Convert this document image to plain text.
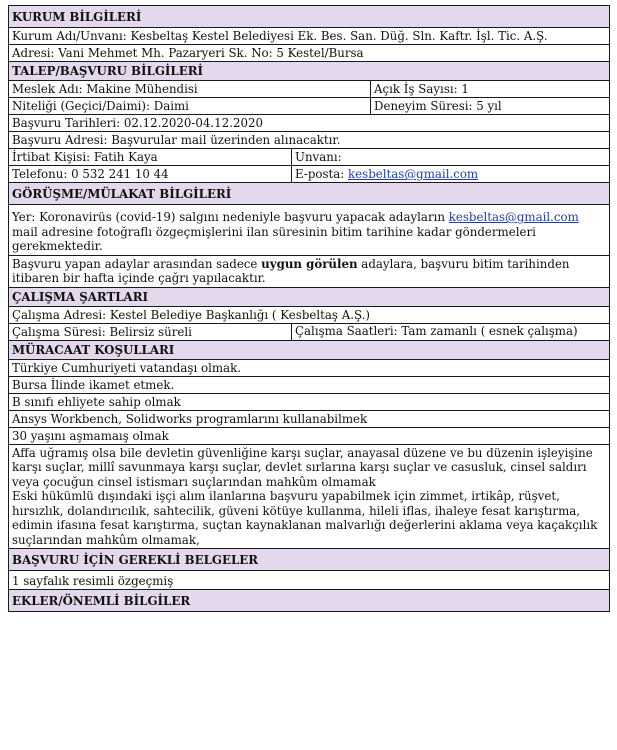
KURUM BİLGİLERİ		
Kurum Adı/Unvanı: Kesbeltaş Kestel Belediyesi Ek. Bes. San. Düğ. Sln. Kaftr. İşl. Tic. A.Ş.		
Adresi: Vani Mehmet Mh. Pazaryeri Sk. No: 5 Kestel/Bursa		
TALEP/BAŞVURU BİLGİLERİ		
Meslek Adı: Makine Mühendisi		Açık İş Sayısı: 1
Niteliği (Geçici/Daimi): Daimi		Deneyim Süresi: 5 yıl
Başvuru Tarihleri: 02.12.2020-04.12.2020		
Başvuru Adresi: Başvurular mail üzerinden alınacaktır.		
İrtibat Kişisi: Fatih Kaya	Unvanı:	
Telefonu: 0 532 241 10 44	E-posta: kesbeltas@gmail.com	
GÖRÜŞME/MÜLAKAT BİLGİLERİ		
Yer: Koronavirüs (covid-19) salgını nedeniyle başvuru yapacak adayların kesbeltas@gmail.com mail adresine fotoğraflı özgeçmişlerini ilan süresinin bitim tarihine kadar göndermeleri gerekmektedir.		
Başvuru yapan adaylar arasından sadece uygun görülen adaylara, başvuru bitim tarihinden itibaren bir hafta içinde çağrı yapılacaktır.		
ÇALIŞMA ŞARTLARI		
Çalışma Adresi: Kestel Belediye Başkanlığı ( Kesbeltaş A.Ş.)		
Çalışma Süresi: Belirsiz süreli	Çalışma Saatleri: Tam zamanlı ( esnek çalışma)	
MÜRACAAT KOŞULLARI		
Türkiye Cumhuriyeti vatandaşı olmak.		
Bursa İlinde ikamet etmek.		
B sınıfı ehliyete sahip olmak		
Ansys Workbench, Solidworks programlarını kullanabilmek		
30 yaşını aşmamaış olmak		

Affa uğramış olsa bile devletin güvenliğine karşı suçlar, anayasal düzene ve bu düzenin işleyişine karşı suçlar, millî savunmaya karşı suçlar, devlet sırlarına karşı suçlar ve casusluk, cinsel saldırı veya çocuğun cinsel istismarı suçlarından mahkûm olmamak
Eski hükümlü dışındaki işçi alım ilanlarına başvuru yapabilmek için zimmet, irtikâp, rüşvet, hırsızlık, dolandırıcılık, sahtecilik, güveni kötüye kullanma, hileli iflas, ihaleye fesat karıştırma, edimin ifasına fesat karıştırma, suçtan kaynaklanan malvarlığı değerlerini aklama veya kaçakçılık suçlarından mahkûm olmamak,		

BAŞVURU İÇİN GEREKLİ BELGELER		
1 sayfalık resimli özgeçmiş		
EKLER/ÖNEMLİ BİLGİLER		
